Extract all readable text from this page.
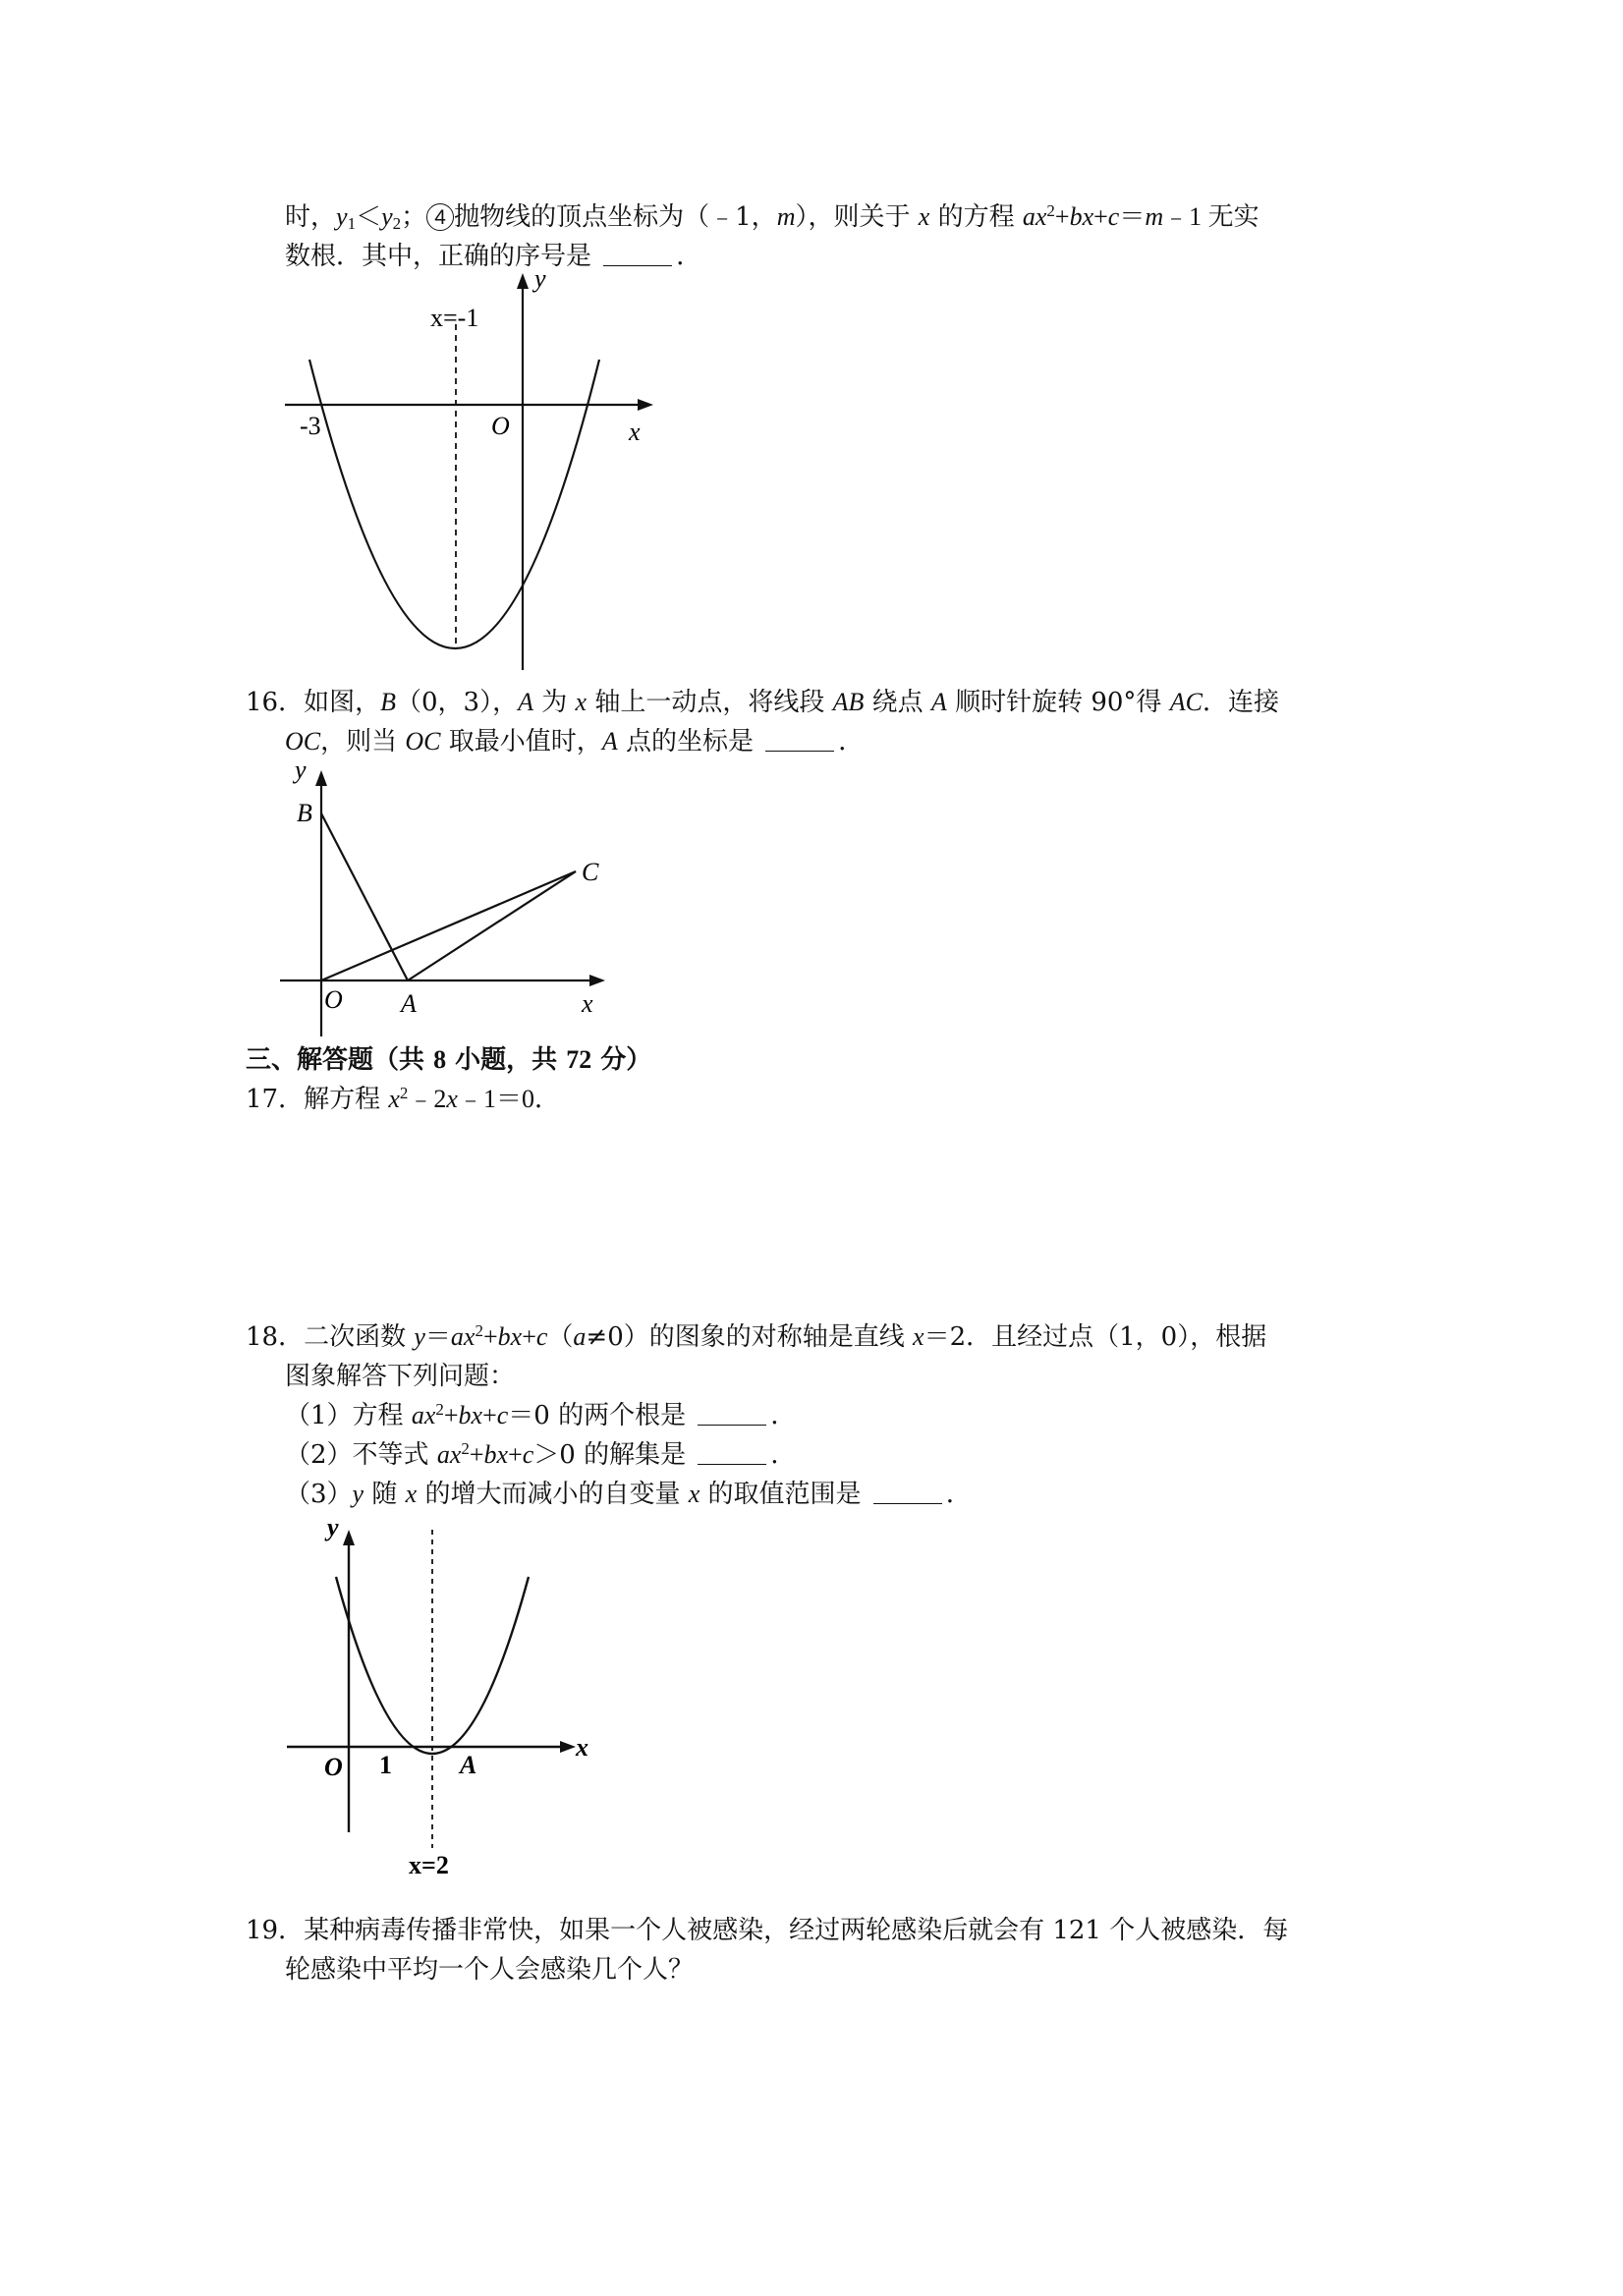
时，$y_1<y_2$； 4 抛物线的顶点坐标为（﹣1，m），则关于 x 的方程 $ax^2+bx+c=m﹣1$ 无实
数根．其中，正确的序号是	．
x=-1
-3	O	x
y
16．如图，B（0，3），A 为 x 轴上一动点，将线段 AB 绕点 A 顺时针旋转 90°得 AC．连接
OC，则当 OC 取最小值时，A 点的坐标是	．
y
B
C
O A	x
三、解答题（共 8 小题，共 72 分）
17．解方程 $x^2﹣2x﹣1=0$．
18．二次函数 $y=ax^2+bx+c(a\ne 0)$的图象的对称轴是直线 x＝2．且经过点（1，0），根据
图象解答下列问题：
（1）方程 $ax^2+bx+c=0$ 的两个根是	．
（2）不等式 $ax^2+bx+c>0$ 的解集是	．
（3）y 随 x 的增大而减小的自变量 x 的取值范围是	．
y
x
O 1	A
x=2
19．某种病毒传播非常快，如果一个人被感染，经过两轮感染后就会有 121 个人被感染．每
轮感染中平均一个人会感染几个人？
